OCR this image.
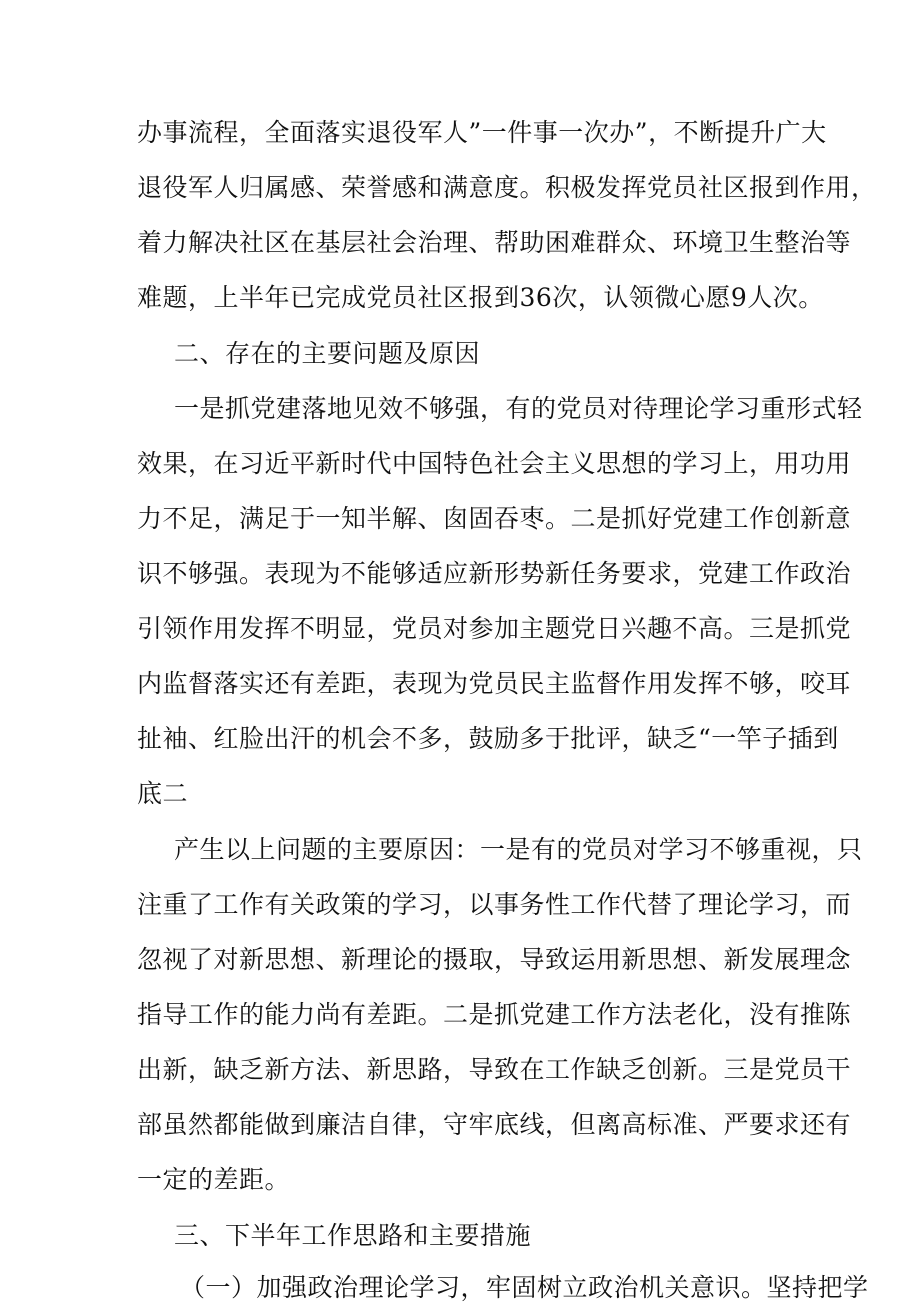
办事流程，全面落实退役军人”一件事一次办”，不断提升广大
退役军人归属感、荣誉感和满意度。积极发挥党员社区报到作用，
着力解决社区在基层社会治理、帮助困难群众、环境卫生整治等
难题，上半年已完成党员社区报到36次，认领微心愿9人次。
二、存在的主要问题及原因
一是抓党建落地见效不够强，有的党员对待理论学习重形式轻
效果，在习近平新时代中国特色社会主义思想的学习上，用功用
力不足，满足于一知半解、囱固吞枣。二是抓好党建工作创新意
识不够强。表现为不能够适应新形势新任务要求，党建工作政治
引领作用发挥不明显，党员对参加主题党日兴趣不高。三是抓党
内监督落实还有差距，表现为党员民主监督作用发挥不够，咬耳
扯袖、红脸出汗的机会不多，鼓励多于批评，缺乏“一竿子插到
底二
产生以上问题的主要原因：一是有的党员对学习不够重视，只
注重了工作有关政策的学习，以事务性工作代替了理论学习，而
忽视了对新思想、新理论的摄取，导致运用新思想、新发展理念
指导工作的能力尚有差距。二是抓党建工作方法老化，没有推陈
出新，缺乏新方法、新思路，导致在工作缺乏创新。三是党员干
部虽然都能做到廉洁自律，守牢底线，但离高标准、严要求还有
一定的差距。
三、下半年工作思路和主要措施
（一）加强政治理论学习，牢固树立政治机关意识。坚持把学
